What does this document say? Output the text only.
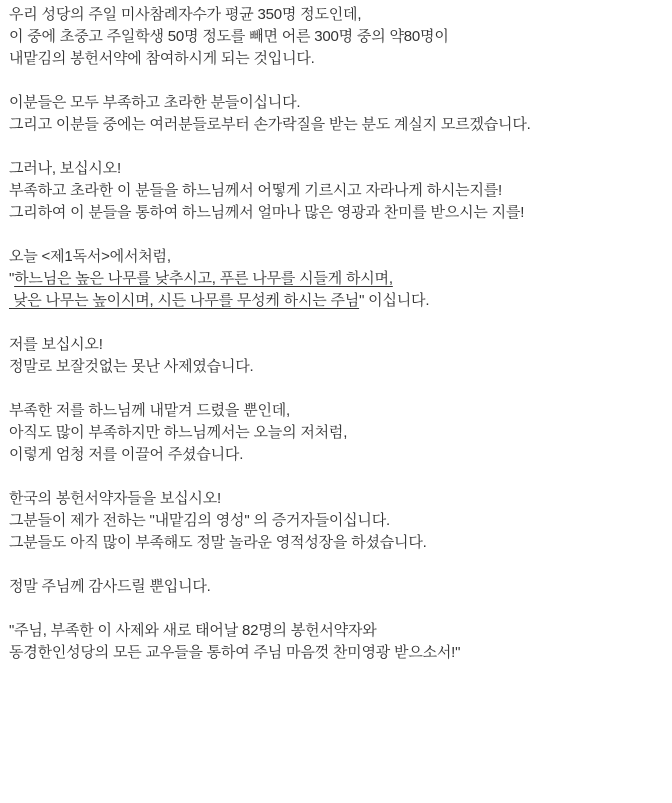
우리 성당의 주일 미사참례자수가 평균 350명 정도인데,
이 중에 초중고 주일학생 50명 정도를 빼면 어른 300명 중의 약80명이
내맡김의 봉헌서약에 참여하시게 되는 것입니다.

이분들은 모두 부족하고 초라한 분들이십니다.
그리고 이분들 중에는 여러분들로부터 손가락질을 받는 분도 계실지 모르겠습니다.

그러나, 보십시오!
부족하고 초라한 이 분들을 하느님께서 어떻게 기르시고 자라나게 하시는지를!
그리하여 이 분들을 통하여 하느님께서 얼마나 많은 영광과 찬미를 받으시는 지를!

오늘 <제1독서>에서처럼,
"하느님은 높은 나무를 낮추시고, 푸른 나무를 시들게 하시며,
낮은 나무는 높이시며, 시든 나무를 무성케 하시는 주님" 이십니다.

저를 보십시오!
정말로 보잘것없는 못난 사제였습니다.

부족한 저를 하느님께 내맡겨 드렸을 뿐인데,
아직도 많이 부족하지만 하느님께서는 오늘의 저처럼,
이렇게 엄청 저를 이끌어 주셨습니다.

한국의 봉헌서약자들을 보십시오!
그분들이 제가 전하는 "내맡김의 영성" 의 증거자들이십니다.
그분들도 아직 많이 부족해도 정말 놀라운 영적성장을 하셨습니다.

정말 주님께 감사드릴 뿐입니다.

"주님, 부족한 이 사제와 새로 태어날 82명의 봉헌서약자와
동경한인성당의 모든 교우들을 통하여 주님 마음껏 찬미영광 받으소서!"
